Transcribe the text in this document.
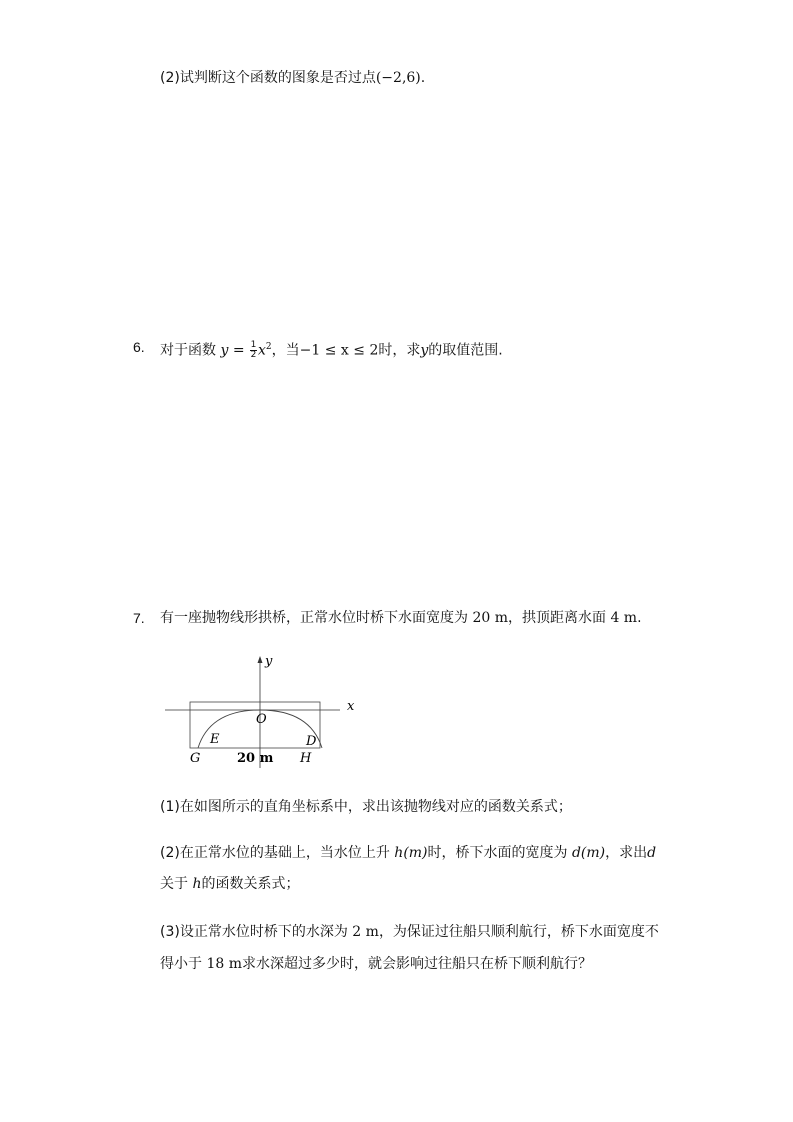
(2)试判断这个函数的图象是否过点(−2,6).
6. 对于函数 $y = \frac{1}{2} x^2$，当−1 ≤ x ≤ 2时，求y的取值范围.
7. 有一座抛物线形拱桥，正常水位时桥下水面宽度为 20 m，拱顶距离水面 4 m.
y
x
O
E	D
G	H
20 m
(1)在如图所示的直角坐标系中，求出该抛物线对应的函数关系式；
(2)在正常水位的基础上，当水位上升 h(m)时，桥下水面的宽度为 d(m)，求出d
关于 h的函数关系式；
(3)设正常水位时桥下的水深为 2 m，为保证过往船只顺利航行，桥下水面宽度不
得小于 18 m求水深超过多少时，就会影响过往船只在桥下顺利航行？
